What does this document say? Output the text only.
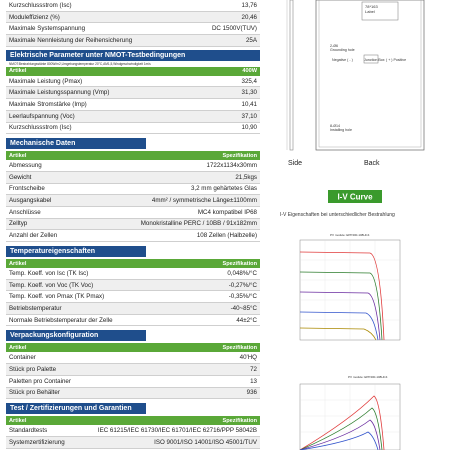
Kurzschlussstrom (Isc)	13,76
Modulеffizienz (%)	20,46
Maximale Systemspannung	DC 1500V(TUV)
Maximale Nennleistung der Reihensicherung	25A
Elektrische Parameter unter NMOT-Testbedingungen
NMOT:Bestrahlungsstärke 800W/m2,Umgebungstemperatur 20°C,AM1,5,Windgeschwindigkeit 1m/s
Artikel	400W
Maximale Leistung (Pmax)	325,4
Maximale Leistungsspannung (Vmp)	31,30
Maximale Stromstärke (Imp)	10,41
Leerlaufspannung (Voc)	37,10
Kurzschlussstrom (Isc)	10,90
Mechanische Daten
Artikel	Spezifikation
Abmessung	1722x1134x30mm
Gewicht	21,5kgs
Frontscheibe	3,2 mm gehärtetes Glas
Ausgangskabel	4mm² / symmetrische Länge±1100mm
Anschlüsse	MC4 kompatibel IP68
Zelltyp	Monokristalline PERC / 10BB / 91x182mm
Anzahl der Zellen	108 Zellen (Halbzelle)
Temperatureigenschaften
Artikel	Spezifikation
Temp. Koeff. von Isc (TK Isc)	0,048%/°C
Temp. Koeff. von Voc (TK Voc)	-0,27%/°C
Temp. Koeff. von Pmax (TK Pmax)	-0,35%/°C
Betriebstemperatur	-40~85°C
Normale Betriebstemperatur der Zelle	44±2°C
Verpackungskonfiguration
Artikel	Spezifikation
Container	40'HQ
Stück pro Palette	72
Paletten pro Container	13
Stück pro Behälter	936
Test / Zertifizierungen und Garantien
Artikel	Spezifikation
Standardtests	IEC 61215/IEC 61730/IEC 61701/IEC 62716/PPP 58042B
Systemzertifizierung	ISO 9001/ISO 14001/ISO 45001/TUV
78*163
Label
2-Ø6
Grounding hole
Negative ( - )	Junction Box ( + ) Positive
8-Ø14
Installing hole
Side	Back
I-V Curve
I-V Eigenschaften bei unterschiedlicher Bestrahlung
PV module: EPP400-108HC4
PV module: EPP400-108HC4
